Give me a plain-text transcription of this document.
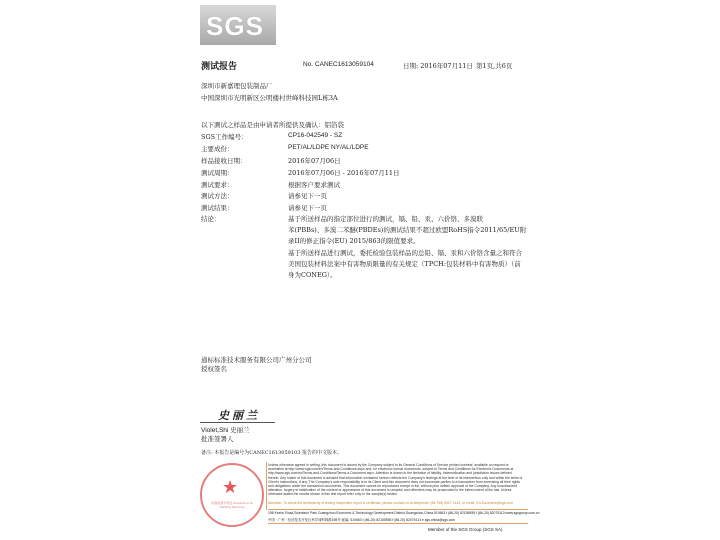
SGS
测试报告	No. CANEC1613059104	日期: 2016年07月11日 第1页,共6页
深圳市新嘉理包装制品厂
中国深圳市光明新区公明楼村世峰科技园L栋3A
以下测试之样品是由申请者所提供及确认：铝箔袋
SGS工作编号：	CP16-042549 - SZ
主要成份：	PET/AL/LDPE NY/AL/LDPE
样品接收日期：	2016年07月06日
测试周期：	2016年07月06日 - 2016年07月11日
测试要求：	根据客户要求测试
测试方法：	请参见下一页
测试结果：	请参见下一页
结论：	基于所送样品的指定部位进行的测试，镉、铅、汞、六价铬、多溴联
苯(PBBs)、多溴二苯醚(PBDEs)的测试结果不超过欧盟RoHS指令2011/65/EU附
录II的修正指令(EU) 2015/863的限值要求。
基于所送样品进行测试，委托检验包装样品的总铅、镉、汞和六价铬含量之和符合
美国包装材料法案中有害物质限量的有关规定（TPCH:包装材料中有害物质）（前
身为CONEG）。
通标标准技术服务有限公司广州分公司
授权签名
史丽兰
Violet,Shi 史丽兰
批准签署人
备注: 本报告是编号为CANEC1613059103 报告的中文版本。
★
检验检测专用章 Inspection & Testing Services
Unless otherwise agreed in writing, this document is issued by the Company subject to its General Conditions of Service printed overleaf, available on request or accessible at http://www.sgs.com/en/Terms-and-Conditions.aspx and, for electronic format documents, subject to Terms and Conditions for Electronic Documents at http://www.sgs.com/en/Terms-and-Conditions/Terms-e-Document.aspx. Attention is drawn to the limitation of liability, indemnification and jurisdiction issues defined therein. Any holder of this document is advised that information contained hereon reflects the Company's findings at the time of its intervention only and within the limits of Client's instructions, if any. The Company's sole responsibility is to its Client and this document does not exonerate parties to a transaction from exercising all their rights and obligations under the transaction documents. This document cannot be reproduced except in full, without prior written approval of the Company. Any unauthorized alteration, forgery or falsification of the content or appearance of this document is unlawful and offenders may be prosecuted to the fullest extent of the law. Unless otherwise stated the results shown in this test report refer only to the sample(s) tested.
Attention: To check the authenticity of testing /inspection report & certificate, please contact us at telephone: (86-755) 8307 1443, or email: CN.Doccheck@sgs.com
198 Kezhu Road,Scientech Park Guangzhou Economic & Technology Development District,Guangzhou,China 510663 t (86-20) 82155555 f (86-20) 82075113 www.sgsgroup.com.cn
中国 · 广州 · 经济技术开发区科学城科珠路198号 邮编: 510663 t (86-20) 82155555 f (86-20) 82075113 e sgs.china@sgs.com
Member of the SGS Group (SGS SA)
